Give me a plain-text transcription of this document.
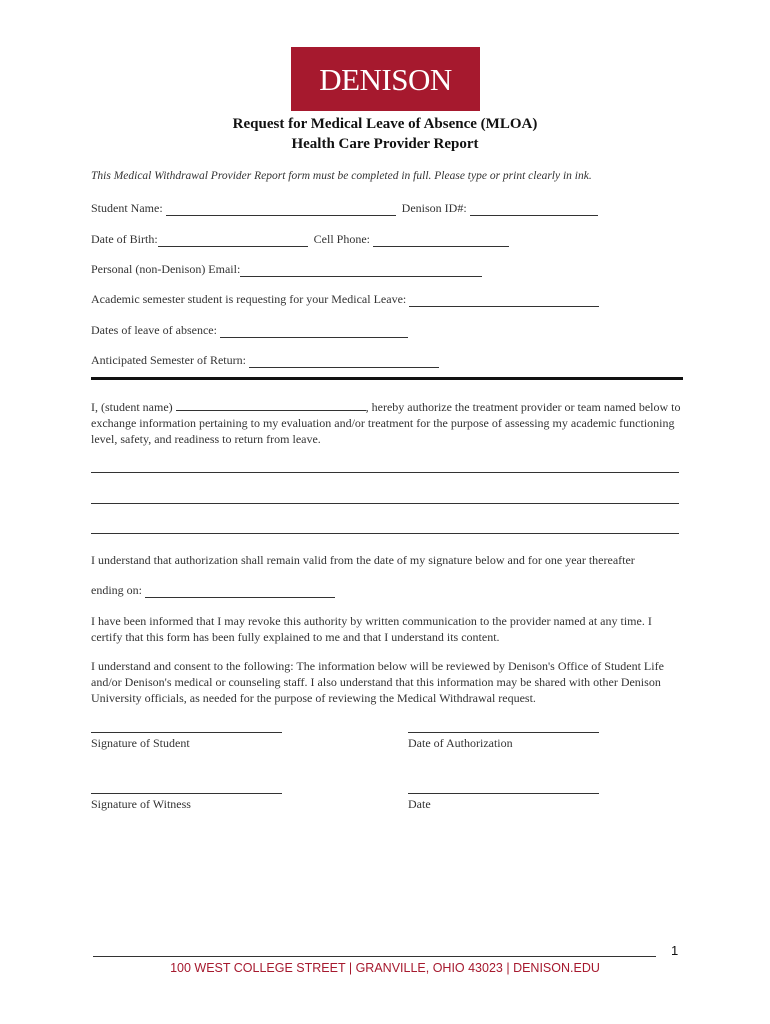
DENISON
Request for Medical Leave of Absence (MLOA)
Health Care Provider Report
This Medical Withdrawal Provider Report form must be completed in full. Please type or print clearly in ink.
Student Name:	Denison ID#:
Date of Birth:	Cell Phone:
Personal (non-Denison) Email:
Academic semester student is requesting for your Medical Leave:
Dates of leave of absence:
Anticipated Semester of Return:
I, (student name)	, hereby authorize the treatment provider or team named below to exchange information pertaining to my evaluation and/or treatment for the purpose of assessing my academic functioning level, safety, and readiness to return from leave.
I understand that authorization shall remain valid from the date of my signature below and for one year thereafter
ending on:
I have been informed that I may revoke this authority by written communication to the provider named at any time. I certify that this form has been fully explained to me and that I understand its content.
I understand and consent to the following: The information below will be reviewed by Denison's Office of Student Life and/or Denison's medical or counseling staff. I also understand that this information may be shared with other Denison University officials, as needed for the purpose of reviewing the Medical Withdrawal request.
Signature of Student	Date of Authorization
Signature of Witness	Date
1
100 WEST COLLEGE STREET | GRANVILLE, OHIO 43023 | DENISON.EDU
